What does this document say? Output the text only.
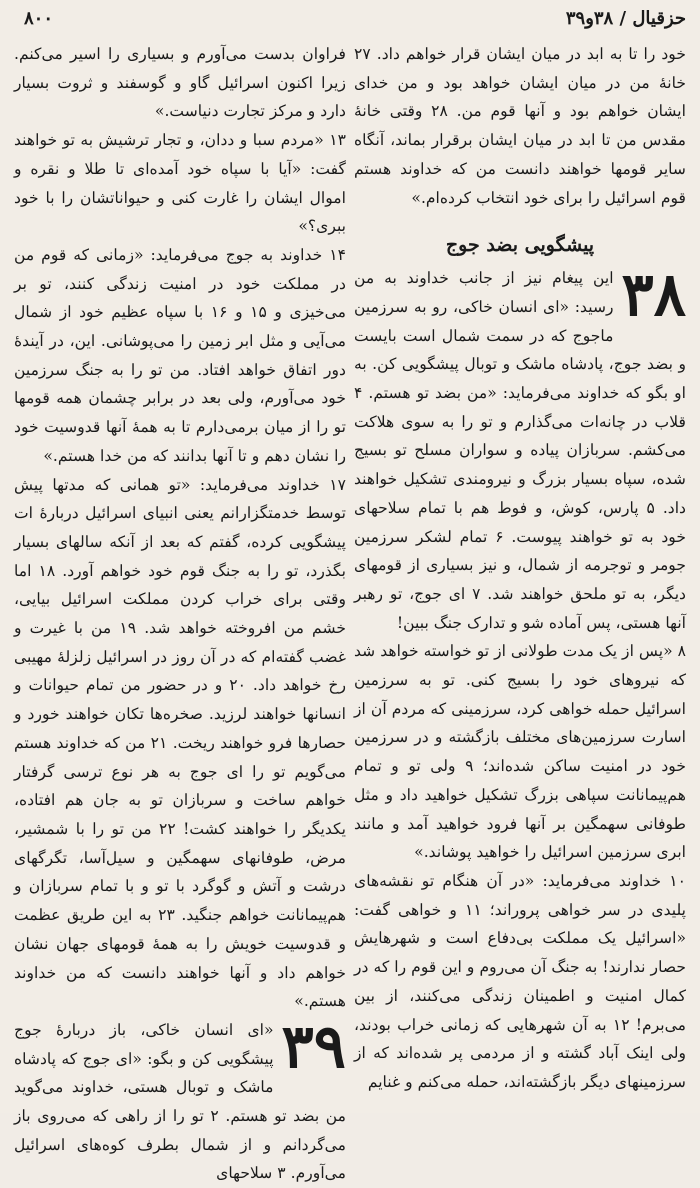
حزقیال / ۳۸و۳۹
۸۰۰

خود را تا به ابد در میان ایشان قرار خواهم داد. ۲۷ خانهٔ من در میان ایشان خواهد بود و من خدای ایشان خواهم بود و آنها قوم من. ۲۸ وقتی خانهٔ مقدس من تا ابد در میان ایشان برقرار بماند، آنگاه سایر قومها خواهند دانست من که خداوند هستم قوم اسرائیل را برای خود انتخاب کرده‌ام.»

پیشگویی بضد جوج

۳۸
این پیغام نیز از جانب خداوند به من رسید: «ای انسان خاکی، رو به سرزمین ماجوج که در سمت شمال است بایست و بضد جوج، پادشاه ماشک و توبال پیشگویی کن. به او بگو که خداوند می‌فرماید: «من بضد تو هستم. ۴ قلاب در چانه‌ات می‌گذارم و تو را به سوی هلاکت می‌کشم. سربازان پیاده و سواران مسلح تو بسیج شده، سپاه بسیار بزرگ و نیرومندی تشکیل خواهند داد. ۵ پارس، کوش، و فوط هم با تمام سلاحهای خود به تو خواهند پیوست. ۶ تمام لشکر سرزمین جومر و توجرمه از شمال، و نیز بسیاری از قومهای دیگر، به تو ملحق خواهند شد. ۷ ای جوج، تو رهبر آنها هستی، پس آماده شو و تدارک جنگ ببین!

۸ «پس از یک مدت طولانی از تو خواسته خواهد شد که نیروهای خود را بسیج کنی. تو به سرزمین اسرائیل حمله خواهی کرد، سرزمینی که مردم آن از اسارت سرزمین‌های مختلف بازگشته و در سرزمین خود در امنیت ساکن شده‌اند؛ ۹ ولی تو و تمام هم‌پیمانانت سپاهی بزرگ تشکیل خواهید داد و مثل طوفانی سهمگین بر آنها فرود خواهید آمد و مانند ابری سرزمین اسرائیل را خواهید پوشاند.»

۱۰ خداوند می‌فرماید: «در آن هنگام تو نقشه‌های پلیدی در سر خواهی پروراند؛ ۱۱ و خواهی گفت: «اسرائیل یک مملکت بی‌دفاع است و شهرهایش حصار ندارند! به جنگ آن می‌روم و این قوم را که در کمال امنیت و اطمینان زندگی می‌کنند، از بین می‌برم! ۱۲ به آن شهرهایی که زمانی خراب بودند، ولی اینک آباد گشته و از مردمی پر شده‌اند که از سرزمینهای دیگر بازگشته‌اند، حمله می‌کنم و غنایم

فراوان بدست می‌آورم و بسیاری را اسیر می‌کنم. زیرا اکنون اسرائیل گاو و گوسفند و ثروت بسیار دارد و مرکز تجارت دنیاست.»

۱۳ «مردم سبا و ددان، و تجار ترشیش به تو خواهند گفت: «آیا با سپاه خود آمده‌ای تا طلا و نقره و اموال ایشان را غارت کنی و حیواناتشان را با خود ببری؟»

۱۴ خداوند به جوج می‌فرماید: «زمانی که قوم من در مملکت خود در امنیت زندگی کنند، تو بر می‌خیزی و ۱۵ و ۱۶ با سپاه عظیم خود از شمال می‌آیی و مثل ابر زمین را می‌پوشانی. این، در آیندهٔ دور اتفاق خواهد افتاد. من تو را به جنگ سرزمین خود می‌آورم، ولی بعد در برابر چشمان همه قومها تو را از میان برمی‌دارم تا به همهٔ آنها قدوسیت خود را نشان دهم و تا آنها بدانند که من خدا هستم.»

۱۷ خداوند می‌فرماید: «تو همانی که مدتها پیش توسط خدمتگزارانم یعنی انبیای اسرائیل دربارهٔ ات پیشگویی کرده، گفتم که بعد از آنکه سالهای بسیار بگذرد، تو را به جنگ قوم خود خواهم آورد. ۱۸ اما وقتی برای خراب کردن مملکت اسرائیل بیایی، خشم من افروخته خواهد شد. ۱۹ من با غیرت و غضب گفته‌ام که در آن روز در اسرائیل زلزلهٔ مهیبی رخ خواهد داد. ۲۰ و در حضور من تمام حیوانات و انسانها خواهند لرزید. صخره‌ها تکان خواهند خورد و حصارها فرو خواهند ریخت. ۲۱ من که خداوند هستم می‌گویم تو را ای جوج به هر نوع ترسی گرفتار خواهم ساخت و سربازان تو به جان هم افتاده، یکدیگر را خواهند کشت! ۲۲ من تو را با شمشیر، مرض، طوفانهای سهمگین و سیل‌آسا، تگرگهای درشت و آتش و گوگرد با تو و با تمام سربازان و هم‌پیمانانت خواهم جنگید. ۲۳ به این طریق عظمت و قدوسیت خویش را به همهٔ قومهای جهان نشان خواهم داد و آنها خواهند دانست که من خداوند هستم.»

۳۹
«ای انسان خاکی، باز دربارهٔ جوج پیشگویی کن و بگو: «ای جوج که پادشاه ماشک و توبال هستی، خداوند می‌گوید من بضد تو هستم. ۲ تو را از راهی که می‌روی باز می‌گردانم و از شمال بطرف کوه‌های اسرائیل می‌آورم. ۳ سلاحهای
